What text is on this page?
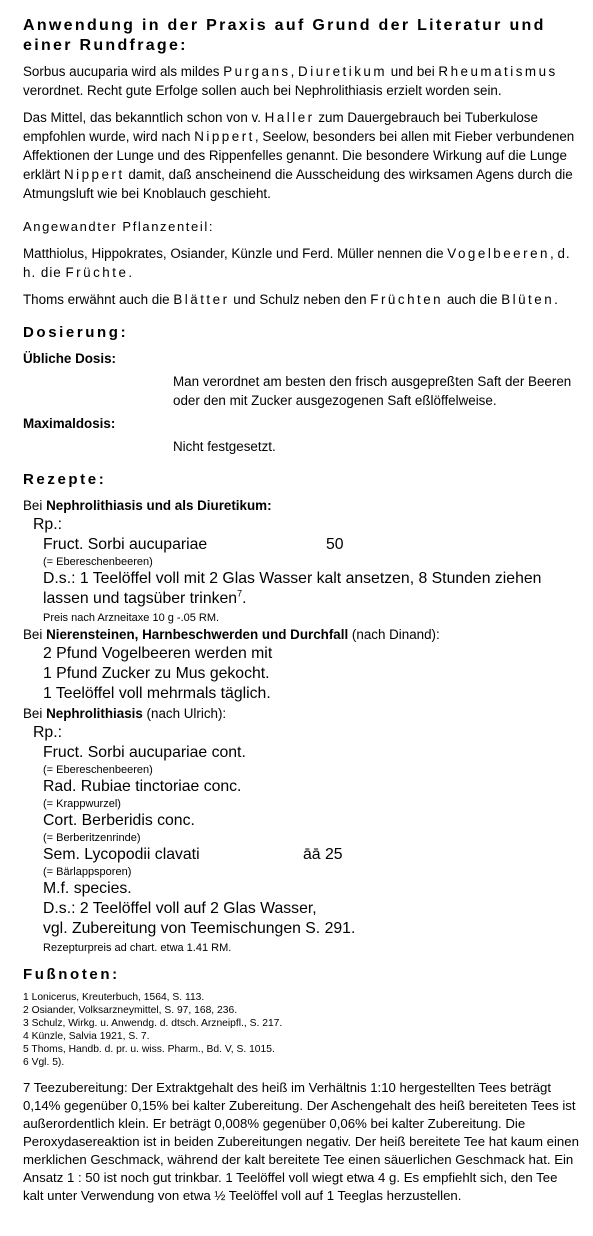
Anwendung in der Praxis auf Grund der Literatur und einer Rundfrage:

Sorbus aucuparia wird als mildes Purgans, Diuretikum und bei Rheumatismus verordnet. Recht gute Erfolge sollen auch bei Nephrolithiasis erzielt worden sein.

Das Mittel, das bekanntlich schon von v. Haller zum Dauergebrauch bei Tuberkulose empfohlen wurde, wird nach Nippert, Seelow, besonders bei allen mit Fieber verbundenen Affektionen der Lunge und des Rippenfelles genannt. Die besondere Wirkung auf die Lunge erklärt Nippert damit, daß anscheinend die Ausscheidung des wirksamen Agens durch die Atmungsluft wie bei Knoblauch geschieht.

Angewandter Pflanzenteil:

Matthiolus, Hippokrates, Osiander, Künzle und Ferd. Müller nennen die Vogelbeeren, d. h. die Früchte.

Thoms erwähnt auch die Blätter und Schulz neben den Früchten auch die Blüten.

Dosierung:
Übliche Dosis:
Man verordnet am besten den frisch ausgepreßten Saft der Beeren oder den mit Zucker ausgezogenen Saft eßlöffelweise.
Maximaldosis:
Nicht festgesetzt.
Rezepte:
Bei Nephrolithiasis und als Diuretikum:
Rp.:
Fruct. Sorbi aucupariae	50
(= Ebereschenbeeren)
D.s.: 1 Teelöffel voll mit 2 Glas Wasser kalt ansetzen, 8 Stunden ziehen lassen und tagsüber trinken$^7$.
Preis nach Arzneitaxe 10 g -.05 RM.
Bei Nierensteinen, Harnbeschwerden und Durchfall (nach Dinand):
2 Pfund Vogelbeeren werden mit
1 Pfund Zucker zu Mus gekocht.
1 Teelöffel voll mehrmals täglich.
Bei Nephrolithiasis (nach Ulrich):
Rp.:
Fruct. Sorbi aucupariae cont.
(= Ebereschenbeeren)
Rad. Rubiae tinctoriae conc.
(= Krappwurzel)
Cort. Berberidis conc.
(= Berberitzenrinde)
Sem. Lycopodii clavati	āā 25
(= Bärlappsporen)
M.f. species.
D.s.: 2 Teelöffel voll auf 2 Glas Wasser,
vgl. Zubereitung von Teemischungen S. 291.
Rezepturpreis ad chart. etwa 1.41 RM.
Fußnoten:
1 Lonicerus, Kreuterbuch, 1564, S. 113.
2 Osiander, Volksarzneymittel, S. 97, 168, 236.
3 Schulz, Wirkg. u. Anwendg. d. dtsch. Arzneipfl., S. 217.
4 Künzle, Salvia 1921, S. 7.
5 Thoms, Handb. d. pr. u. wiss. Pharm., Bd. V, S. 1015.
6 Vgl. 5).
7 Teezubereitung: Der Extraktgehalt des heiß im Verhältnis 1:10 hergestellten Tees beträgt 0,14% gegenüber 0,15% bei kalter Zubereitung. Der Aschengehalt des heiß bereiteten Tees ist außerordentlich klein. Er beträgt 0,008% gegenüber 0,06% bei kalter Zubereitung. Die Peroxydasereaktion ist in beiden Zubereitungen negativ. Der heiß bereitete Tee hat kaum einen merklichen Geschmack, während der kalt bereitete Tee einen säuerlichen Geschmack hat. Ein Ansatz 1 : 50 ist noch gut trinkbar. 1 Teelöffel voll wiegt etwa 4 g. Es empfiehlt sich, den Tee kalt unter Verwendung von etwa ½ Teelöffel voll auf 1 Teeglas herzustellen.
